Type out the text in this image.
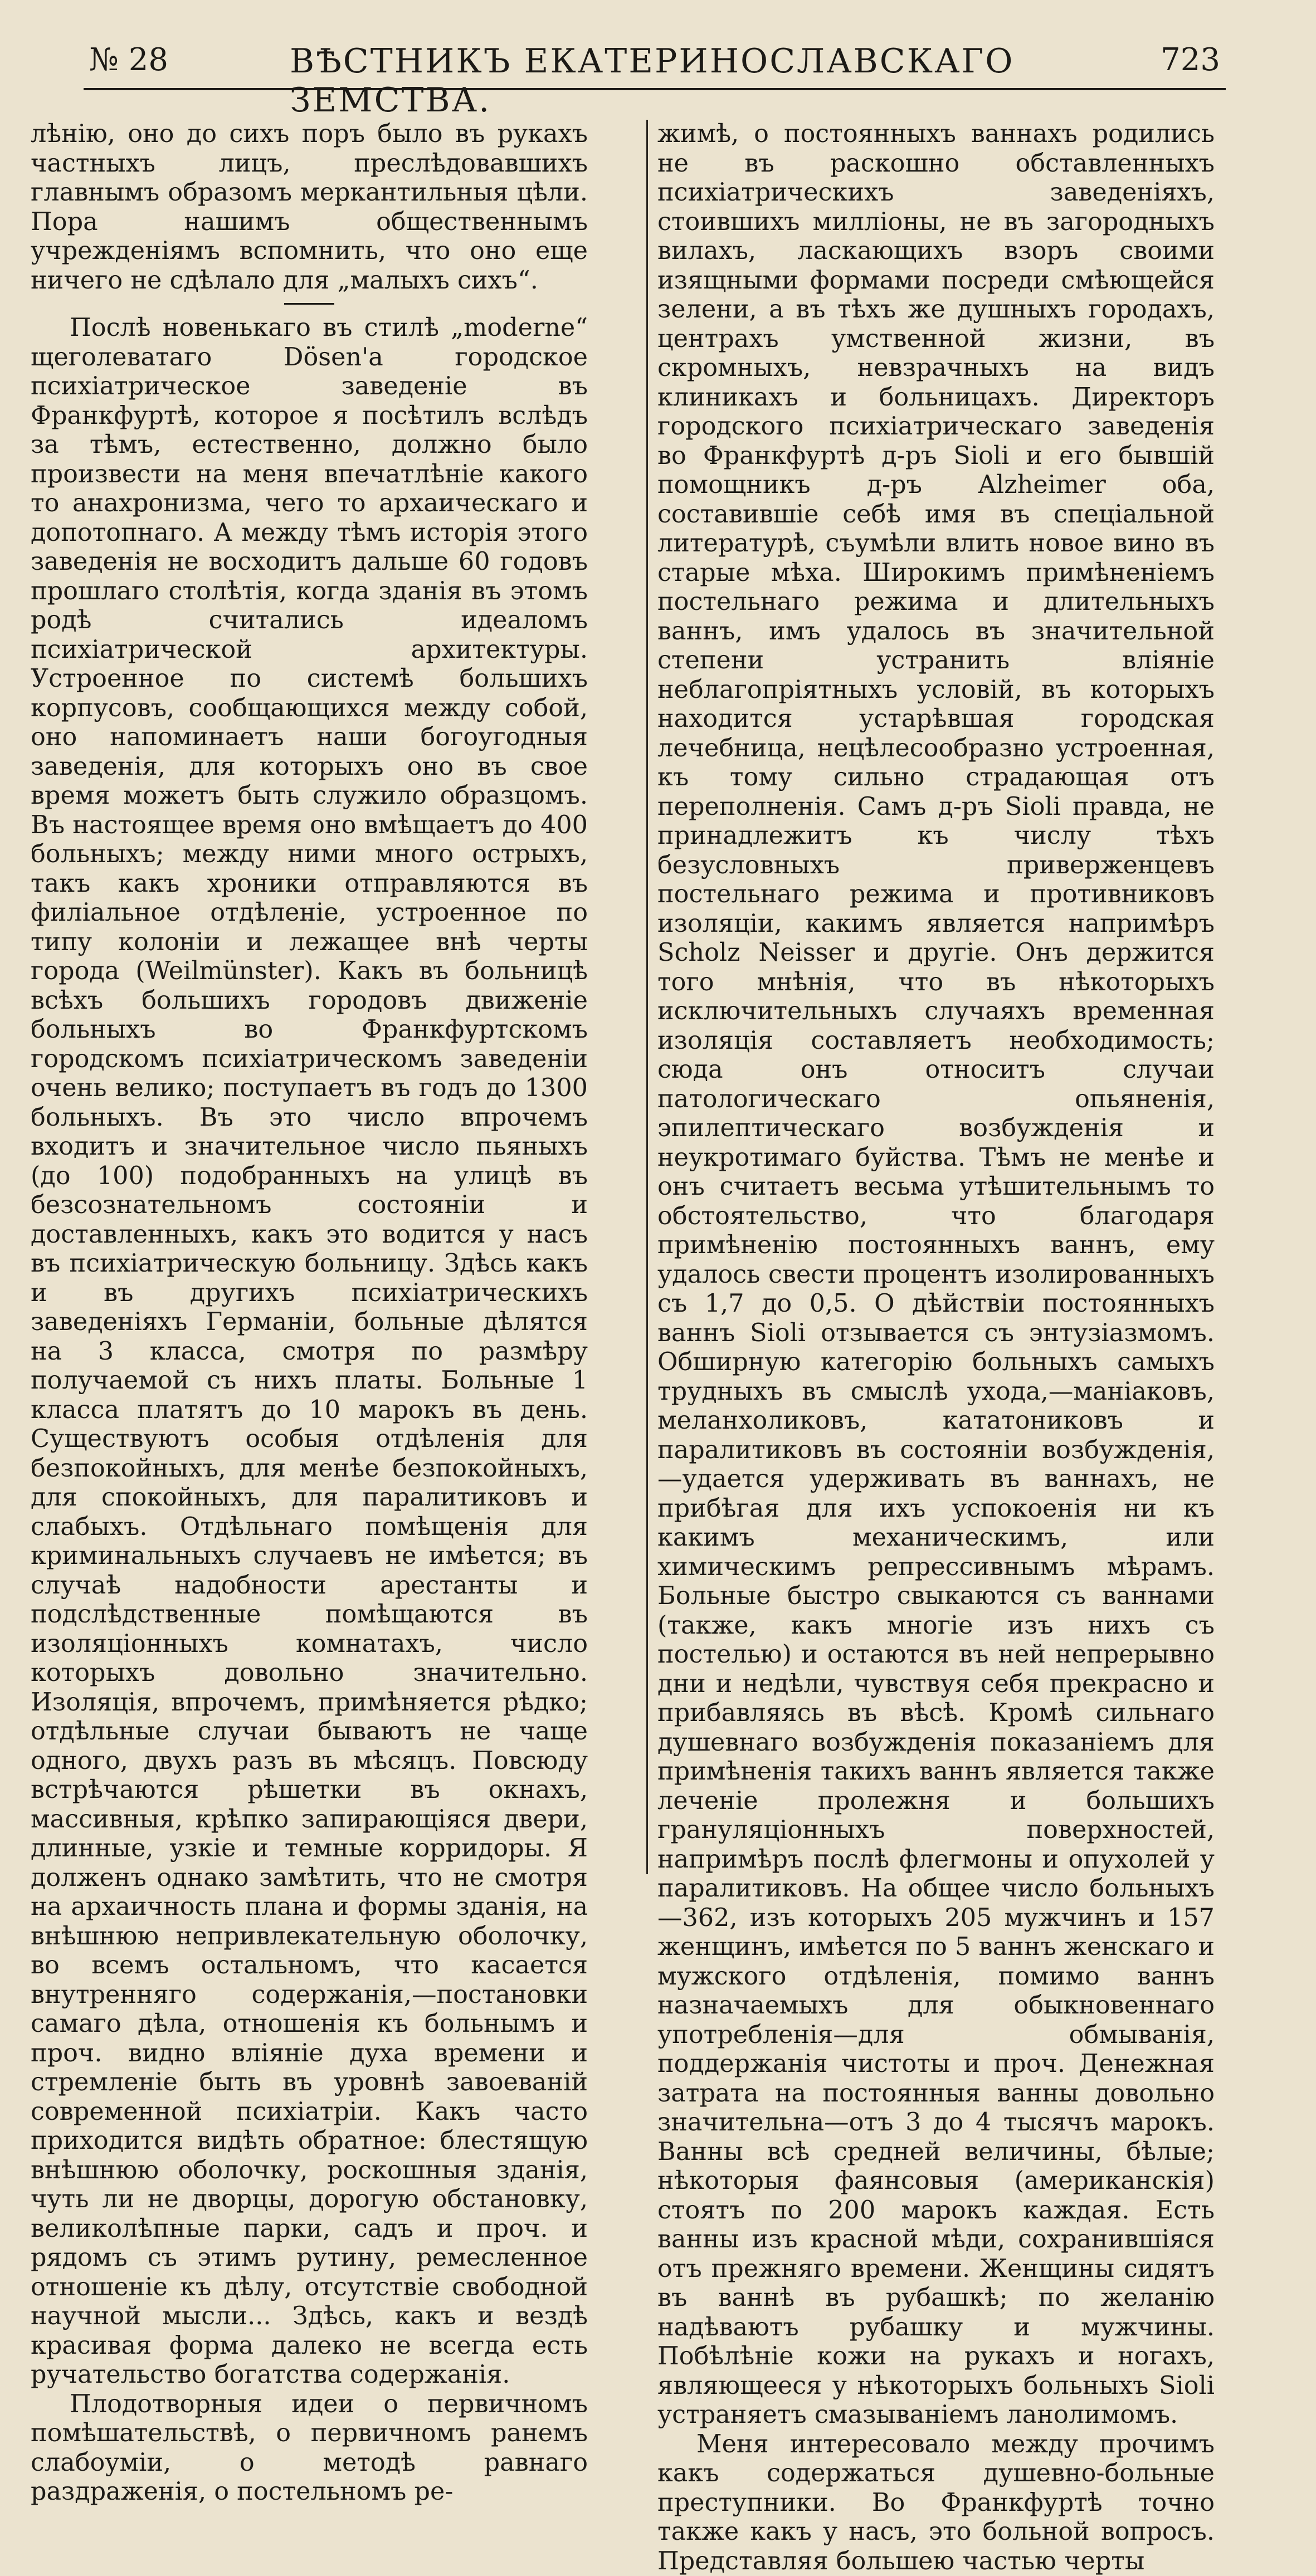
№ 28	ВѢСТНИКЪ ЕКАТЕРИНОСЛАВСКАГО ЗЕМСТВА.
723

лѣнію, оно до сихъ поръ было въ рукахъ частныхъ лицъ, преслѣдовавшихъ главнымъ образомъ меркантильныя цѣли. Пора нашимъ общественнымъ учрежденіямъ вспомнить, что оно еще ничего не сдѣлало для „малыхъ сихъ“.

Послѣ новенькаго въ стилѣ „moderne“ щеголеватаго Dösen'а городское психіатрическое заведеніе въ Франкфуртѣ, которое я посѣтилъ вслѣдъ за тѣмъ, естественно, должно было произвести на меня впечатлѣніе какого то анахронизма, чего то архаическаго и допотопнаго. А между тѣмъ исторія этого заведенія не восходитъ дальше 60 годовъ прошлаго столѣтія, когда зданія въ этомъ родѣ считались идеаломъ психіатрической архитектуры. Устроенное по системѣ большихъ корпусовъ, сообщающихся между собой, оно напоминаетъ наши богоугодныя заведенія, для которыхъ оно въ свое время можетъ быть служило образцомъ. Въ настоящее время оно вмѣщаетъ до 400 больныхъ; между ними много острыхъ, такъ какъ хроники отправляются въ филіальное отдѣленіе, устроенное по типу колоніи и лежащее внѣ черты города (Weilmünster). Какъ въ больницѣ всѣхъ большихъ городовъ движеніе больныхъ во Франкфуртскомъ городскомъ психіатрическомъ заведеніи очень велико; поступаетъ въ годъ до 1300 больныхъ. Въ это число впрочемъ входитъ и значительное число пьяныхъ (до 100) подобранныхъ на улицѣ въ безсознательномъ состояніи и доставленныхъ, какъ это водится у насъ въ психіатрическую больницу. Здѣсь какъ и въ другихъ психіатрическихъ заведеніяхъ Германіи, больные дѣлятся на 3 класса, смотря по размѣру получаемой съ нихъ платы. Больные 1 класса платятъ до 10 марокъ въ день. Существуютъ особыя отдѣленія для безпокойныхъ, для менѣе безпокойныхъ, для спокойныхъ, для паралитиковъ и слабыхъ. Отдѣльнаго помѣщенія для криминальныхъ случаевъ не имѣется; въ случаѣ надобности арестанты и подслѣдственные помѣщаются въ изоляціонныхъ комнатахъ, число которыхъ довольно значительно. Изоляція, впрочемъ, примѣняется рѣдко; отдѣльные случаи бываютъ не чаще одного, двухъ разъ въ мѣсяцъ. Повсюду встрѣчаются рѣшетки въ окнахъ, массивныя, крѣпко запирающіяся двери, длинные, узкіе и темные корридоры. Я долженъ однако замѣтить, что не смотря на архаичность плана и формы зданія, на внѣшнюю непривлекательную оболочку, во всемъ остальномъ, что касается внутренняго содержанія,—постановки самаго дѣла, отношенія къ больнымъ и проч. видно вліяніе духа времени и стремленіе быть въ уровнѣ завоеваній современной психіатріи. Какъ часто приходится видѣть обратное: блестящую внѣшнюю оболочку, роскошныя зданія, чуть ли не дворцы, дорогую обстановку, великолѣпные парки, садъ и проч. и рядомъ съ этимъ рутину, ремесленное отношеніе къ дѣлу, отсутствіе свободной научной мысли... Здѣсь, какъ и вездѣ красивая форма далеко не всегда есть ручательство богатства содержанія.

Плодотворныя идеи о первичномъ помѣшательствѣ, о первичномъ ранемъ слабоуміи, о методѣ равнаго раздраженія, о постельномъ ре-

жимѣ, о постоянныхъ ваннахъ родились не въ раскошно обставленныхъ психіатрическихъ заведеніяхъ, стоившихъ милліоны, не въ загородныхъ вилахъ, ласкающихъ взоръ своими изящными формами посреди смѣющейся зелени, а въ тѣхъ же душныхъ городахъ, центрахъ умственной жизни, въ скромныхъ, невзрачныхъ на видъ клиникахъ и больницахъ. Директоръ городского психіатрическаго заведенія во Франкфуртѣ д-ръ Sioli и его бывшій помощникъ д-ръ Alzheimer оба, составившіе себѣ имя въ спеціальной литературѣ, съумѣли влить новое вино въ старые мѣха. Широкимъ примѣненіемъ постельнаго режима и длительныхъ ваннъ, имъ удалось въ значительной степени устранить вліяніе неблагопріятныхъ условій, въ которыхъ находится устарѣвшая городская лечебница, нецѣлесообразно устроенная, къ тому сильно страдающая отъ переполненія. Самъ д-ръ Sioli правда, не принадлежитъ къ числу тѣхъ безусловныхъ приверженцевъ постельнаго режима и противниковъ изоляціи, какимъ является напримѣръ Scholz Neisser и другіе. Онъ держится того мнѣнія, что въ нѣкоторыхъ исключительныхъ случаяхъ временная изоляція составляетъ необходимость; сюда онъ относитъ случаи патологическаго опьяненія, эпилептическаго возбужденія и неукротимаго буйства. Тѣмъ не менѣе и онъ считаетъ весьма утѣшительнымъ то обстоятельство, что благодаря примѣненію постоянныхъ ваннъ, ему удалось свести процентъ изолированныхъ съ 1,7 до 0,5. О дѣйствіи постоянныхъ ваннъ Sioli отзывается съ энтузіазмомъ. Обширную категорію больныхъ самыхъ трудныхъ въ смыслѣ ухода,—маніаковъ, меланхоликовъ, кататониковъ и паралитиковъ въ состояніи возбужденія,—удается удерживать въ ваннахъ, не прибѣгая для ихъ успокоенія ни къ какимъ механическимъ, или химическимъ репрессивнымъ мѣрамъ. Больные быстро свыкаются съ ваннами (также, какъ многіе изъ нихъ съ постелью) и остаются въ ней непрерывно дни и недѣли, чувствуя себя прекрасно и прибавляясь въ вѣсѣ. Кромѣ сильнаго душевнаго возбужденія показаніемъ для примѣненія такихъ ваннъ является также леченіе пролежня и большихъ грануляціонныхъ поверхностей, напримѣръ послѣ флегмоны и опухолей у паралитиковъ. На общее число больныхъ—362, изъ которыхъ 205 мужчинъ и 157 женщинъ, имѣется по 5 ваннъ женскаго и мужского отдѣленія, помимо ваннъ назначаемыхъ для обыкновеннаго употребленія—для обмыванія, поддержанія чистоты и проч. Денежная затрата на постоянныя ванны довольно значительна—отъ 3 до 4 тысячъ марокъ. Ванны всѣ средней величины, бѣлые; нѣкоторыя фаянсовыя (американскія) стоятъ по 200 марокъ каждая. Есть ванны изъ красной мѣди, сохранившіяся отъ прежняго времени. Женщины сидятъ въ ваннѣ въ рубашкѣ; по желанію надѣваютъ рубашку и мужчины. Побѣлѣніе кожи на рукахъ и ногахъ, являющееся у нѣкоторыхъ больныхъ Sioli устраняетъ смазываніемъ ланолимомъ.

Меня интересовало между прочимъ какъ содержаться душевно-больные преступники. Во Франкфуртѣ точно также какъ у насъ, это больной вопросъ. Представляя большею частью черты
